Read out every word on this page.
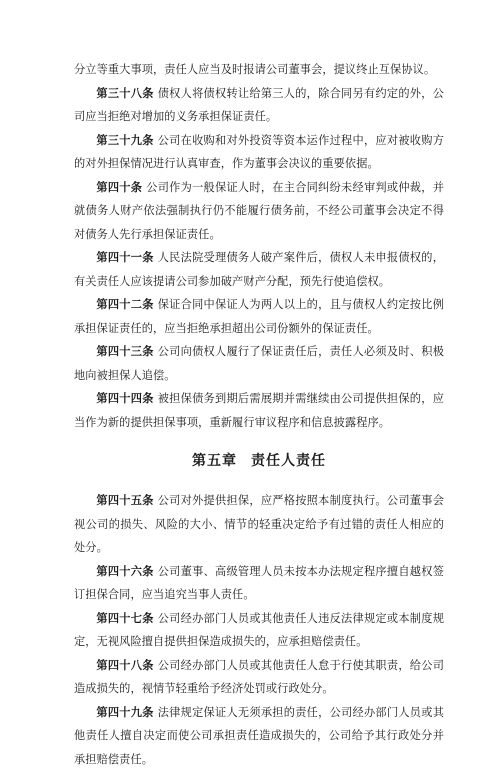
分立等重大事项，责任人应当及时报请公司董事会，提议终止互保协议。

第三十八条 债权人将债权转让给第三人的，除合同另有约定的外，公司应当拒绝对增加的义务承担保证责任。

第三十九条 公司在收购和对外投资等资本运作过程中，应对被收购方的对外担保情况进行认真审查，作为董事会决议的重要依据。

第四十条 公司作为一般保证人时，在主合同纠纷未经审判或仲裁，并就债务人财产依法强制执行仍不能履行债务前，不经公司董事会决定不得对债务人先行承担保证责任。

第四十一条 人民法院受理债务人破产案件后，债权人未申报债权的，有关责任人应该提请公司参加破产财产分配，预先行使追偿权。

第四十二条 保证合同中保证人为两人以上的，且与债权人约定按比例承担保证责任的，应当拒绝承担超出公司份额外的保证责任。

第四十三条 公司向债权人履行了保证责任后，责任人必须及时、积极地向被担保人追偿。

第四十四条 被担保债务到期后需展期并需继续由公司提供担保的，应当作为新的提供担保事项，重新履行审议程序和信息披露程序。

第五章 责任人责任

第四十五条 公司对外提供担保，应严格按照本制度执行。公司董事会视公司的损失、风险的大小、情节的轻重决定给予有过错的责任人相应的处分。

第四十六条 公司董事、高级管理人员未按本办法规定程序擅自越权签订担保合同，应当追究当事人责任。

第四十七条 公司经办部门人员或其他责任人违反法律规定或本制度规定，无视风险擅自提供担保造成损失的，应承担赔偿责任。

第四十八条 公司经办部门人员或其他责任人怠于行使其职责，给公司造成损失的，视情节轻重给予经济处罚或行政处分。

第四十九条 法律规定保证人无须承担的责任，公司经办部门人员或其他责任人擅自决定而使公司承担责任造成损失的，公司给予其行政处分并承担赔偿责任。
